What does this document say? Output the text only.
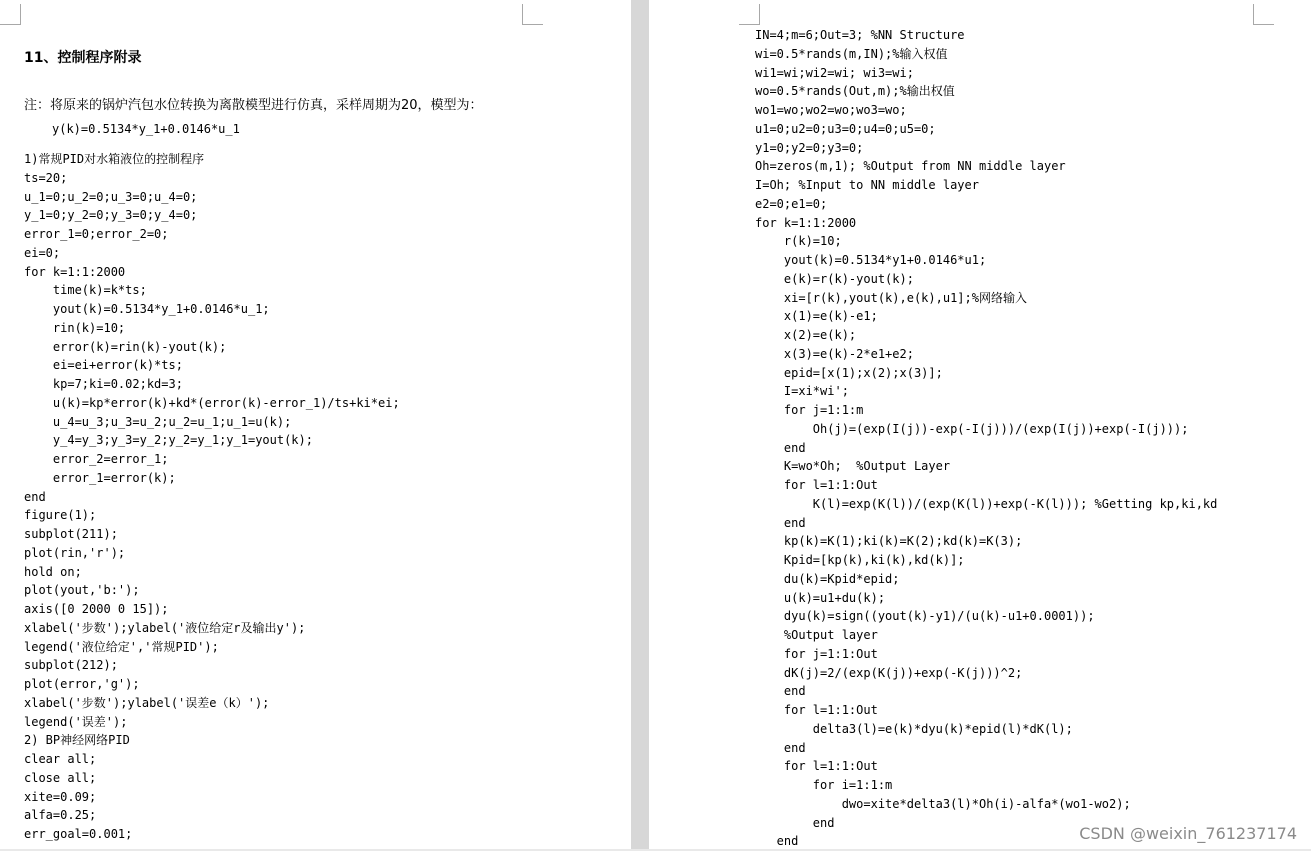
11、控制程序附录
注：将原来的锅炉汽包水位转换为离散模型进行仿真，采样周期为20，模型为：
y(k)=0.5134*y_1+0.0146*u_1
1)常规PID对水箱液位的控制程序
ts=20;
u_1=0;u_2=0;u_3=0;u_4=0;
y_1=0;y_2=0;y_3=0;y_4=0;
error_1=0;error_2=0;
ei=0;
for k=1:1:2000
time(k)=k*ts;
yout(k)=0.5134*y_1+0.0146*u_1;
rin(k)=10;
error(k)=rin(k)-yout(k);
ei=ei+error(k)*ts;
kp=7;ki=0.02;kd=3;
u(k)=kp*error(k)+kd*(error(k)-error_1)/ts+ki*ei;
u_4=u_3;u_3=u_2;u_2=u_1;u_1=u(k);
y_4=y_3;y_3=y_2;y_2=y_1;y_1=yout(k);
error_2=error_1;
error_1=error(k);
end
figure(1);
subplot(211);
plot(rin,'r');
hold on;
plot(yout,'b:');
axis([0 2000 0 15]);
xlabel('步数');ylabel('液位给定r及输出y');
legend('液位给定','常规PID');
subplot(212);
plot(error,'g');
xlabel('步数');ylabel('误差e（k）');
legend('误差');
2) BP神经网络PID
clear all;
close all;
xite=0.09;
alfa=0.25;
err_goal=0.001;
IN=4;m=6;Out=3; %NN Structure
wi=0.5*rands(m,IN);%输入权值
wi1=wi;wi2=wi; wi3=wi;
wo=0.5*rands(Out,m);%输出权值
wo1=wo;wo2=wo;wo3=wo;
u1=0;u2=0;u3=0;u4=0;u5=0;
y1=0;y2=0;y3=0;
Oh=zeros(m,1); %Output from NN middle layer
I=Oh; %Input to NN middle layer
e2=0;e1=0;
for k=1:1:2000
r(k)=10;
yout(k)=0.5134*y1+0.0146*u1;
e(k)=r(k)-yout(k);
xi=[r(k),yout(k),e(k),u1];%网络输入
x(1)=e(k)-e1;
x(2)=e(k);
x(3)=e(k)-2*e1+e2;
epid=[x(1);x(2);x(3)];
I=xi*wi';
for j=1:1:m
Oh(j)=(exp(I(j))-exp(-I(j)))/(exp(I(j))+exp(-I(j)));
end
K=wo*Oh;  %Output Layer
for l=1:1:Out
K(l)=exp(K(l))/(exp(K(l))+exp(-K(l))); %Getting kp,ki,kd
end
kp(k)=K(1);ki(k)=K(2);kd(k)=K(3);
Kpid=[kp(k),ki(k),kd(k)];
du(k)=Kpid*epid;
u(k)=u1+du(k);
dyu(k)=sign((yout(k)-y1)/(u(k)-u1+0.0001));
%Output layer
for j=1:1:Out
dK(j)=2/(exp(K(j))+exp(-K(j)))^2;
end
for l=1:1:Out
delta3(l)=e(k)*dyu(k)*epid(l)*dK(l);
end
for l=1:1:Out
for i=1:1:m
dwo=xite*delta3(l)*Oh(i)-alfa*(wo1-wo2);
end
end	CSDN @weixin_761237174
